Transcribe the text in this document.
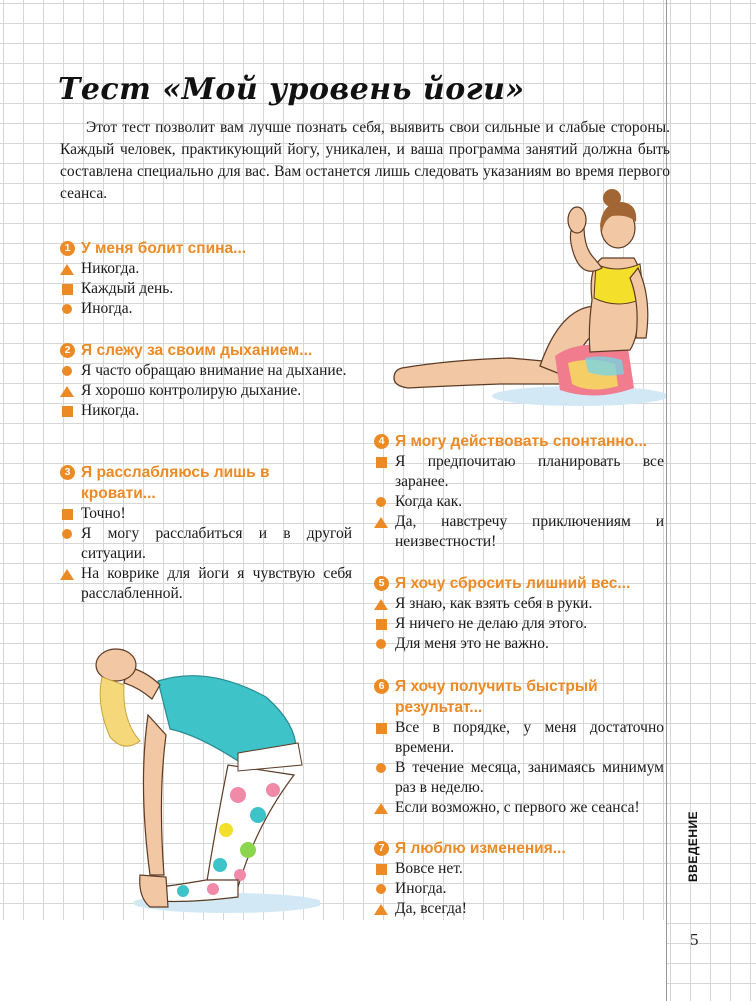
Тест «Мой уровень йоги»

Этот тест позволит вам лучше познать себя, выявить свои сильные и слабые стороны. Каждый человек, практикующий йогу, уникален, и ваша программа занятий должна быть составлена специально для вас. Вам останется лишь следовать указаниям во время первого сеанса.

1 У меня болит спина...
Никогда.
Каждый день.
Иногда.
2 Я слежу за своим дыханием...
Я часто обращаю внимание на дыхание.
Я хорошо контролирую дыхание.
Никогда.
3 Я расслабляюсь лишь в кровати...
Точно!
Я могу расслабиться и в другой ситуации.
На коврике для йоги я чувствую себя расслабленной.
4 Я могу действовать спонтанно...
Я предпочитаю планировать все заранее.
Когда как.
Да, навстречу приключениям и неизвестности!
5 Я хочу сбросить лишний вес...
Я знаю, как взять себя в руки.
Я ничего не делаю для этого.
Для меня это не важно.
6 Я хочу получить быстрый результат...
Все в порядке, у меня достаточно времени.
В течение месяца, занимаясь минимум раз в неделю.
Если возможно, с первого же сеанса!
7 Я люблю изменения...
Вовсе нет.
Иногда.
Да, всегда!
ВВЕДЕНИЕ
5
